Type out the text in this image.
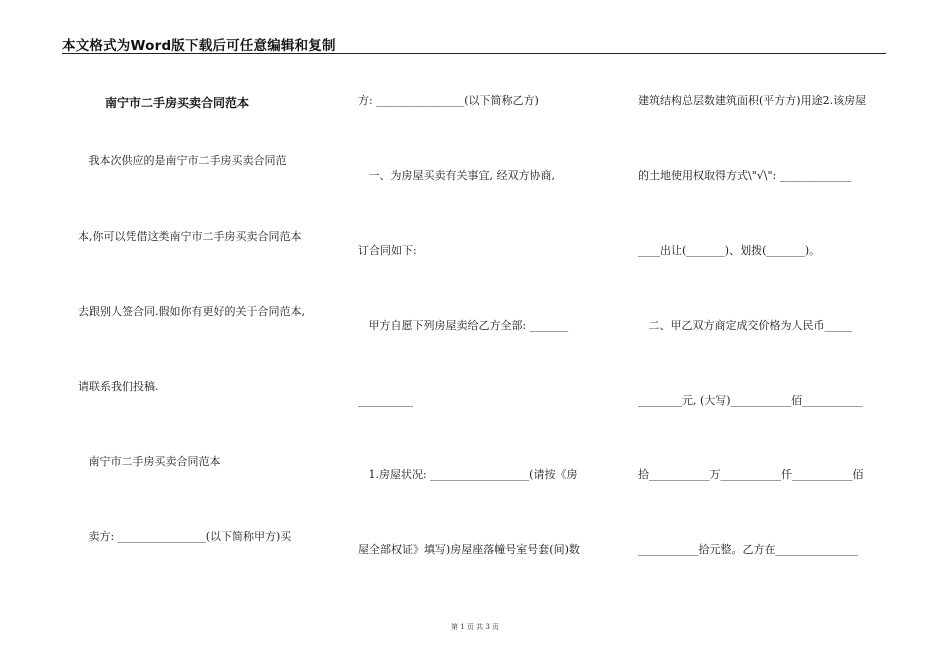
本文格式为Word版下载后可任意编辑和复制
南宁市二手房买卖合同范本
我本次供应的是南宁市二手房买卖合同范
本,你可以凭借这类南宁市二手房买卖合同范本
去跟别人签合同.假如你有更好的关于合同范本,
请联系我们投稿.
南宁市二手房买卖合同范本
卖方: ________________(以下简称甲方)买
方: ________________(以下简称乙方)
一、为房屋买卖有关事宜, 经双方协商,
订合同如下:
甲方自愿下列房屋卖给乙方全部: _______
__________
1.房屋状况: __________________(请按《房
屋全部权证》填写)房屋座落幢号室号套(间)数
建筑结构总层数建筑面积(平方方)用途2.该房屋
的土地使用权取得方式\"√\": _____________
____出让(_______)、划拨(_______)。
二、甲乙双方商定成交价格为人民币_____
________元, (大写)___________佰___________
拾___________万___________仟___________佰
___________拾元整。乙方在_______________
第 1 页 共 3 页
